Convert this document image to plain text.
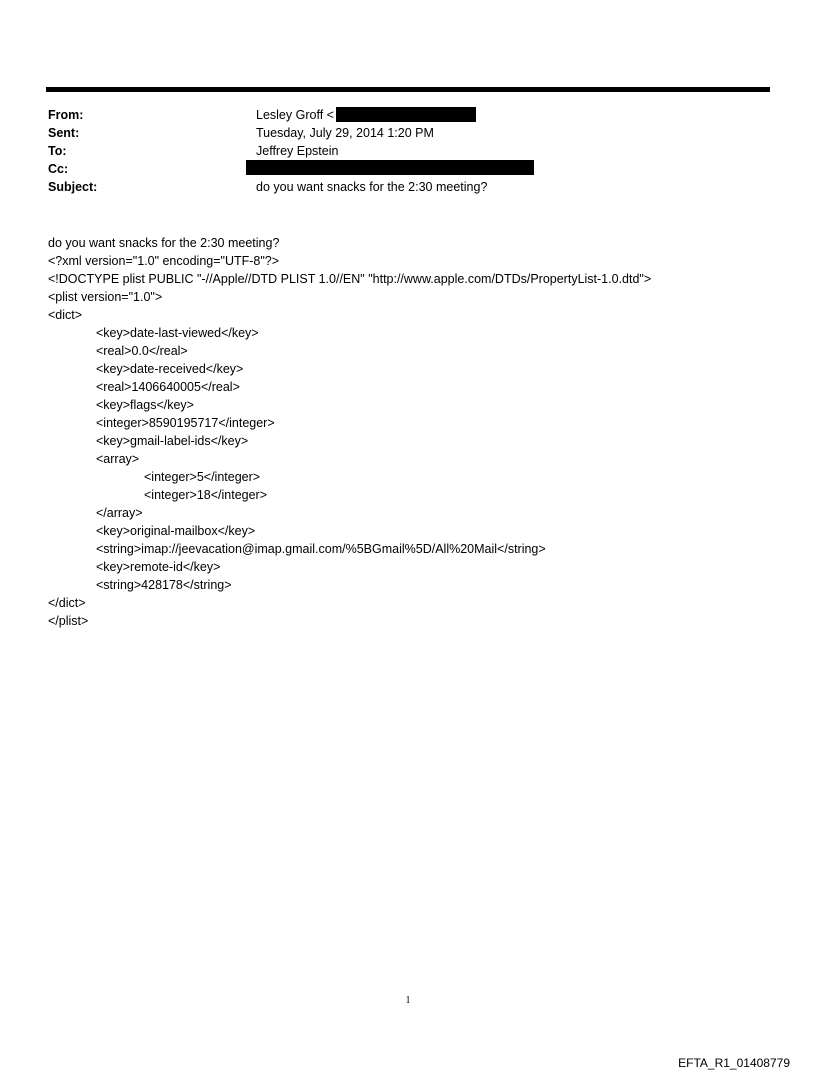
From:	Lesley Groff <
Sent:	Tuesday, July 29, 2014 1:20 PM
To:	Jeffrey Epstein
Cc:
Subject:	do you want snacks for the 2:30 meeting?
do you want snacks for the 2:30 meeting?
<?xml version="1.0" encoding="UTF-8"?>
<!DOCTYPE plist PUBLIC "-//Apple//DTD PLIST 1.0//EN" "http://www.apple.com/DTDs/PropertyList-1.0.dtd">
<plist version="1.0">
<dict>
<key>date-last-viewed</key>
<real>0.0</real>
<key>date-received</key>
<real>1406640005</real>
<key>flags</key>
<integer>8590195717</integer>
<key>gmail-label-ids</key>
<array>
<integer>5</integer>
<integer>18</integer>
</array>
<key>original-mailbox</key>
<string>imap://jeevacation@imap.gmail.com/%5BGmail%5D/All%20Mail</string>
<key>remote-id</key>
<string>428178</string>
</dict>
</plist>
1
EFTA_R1_01408779
